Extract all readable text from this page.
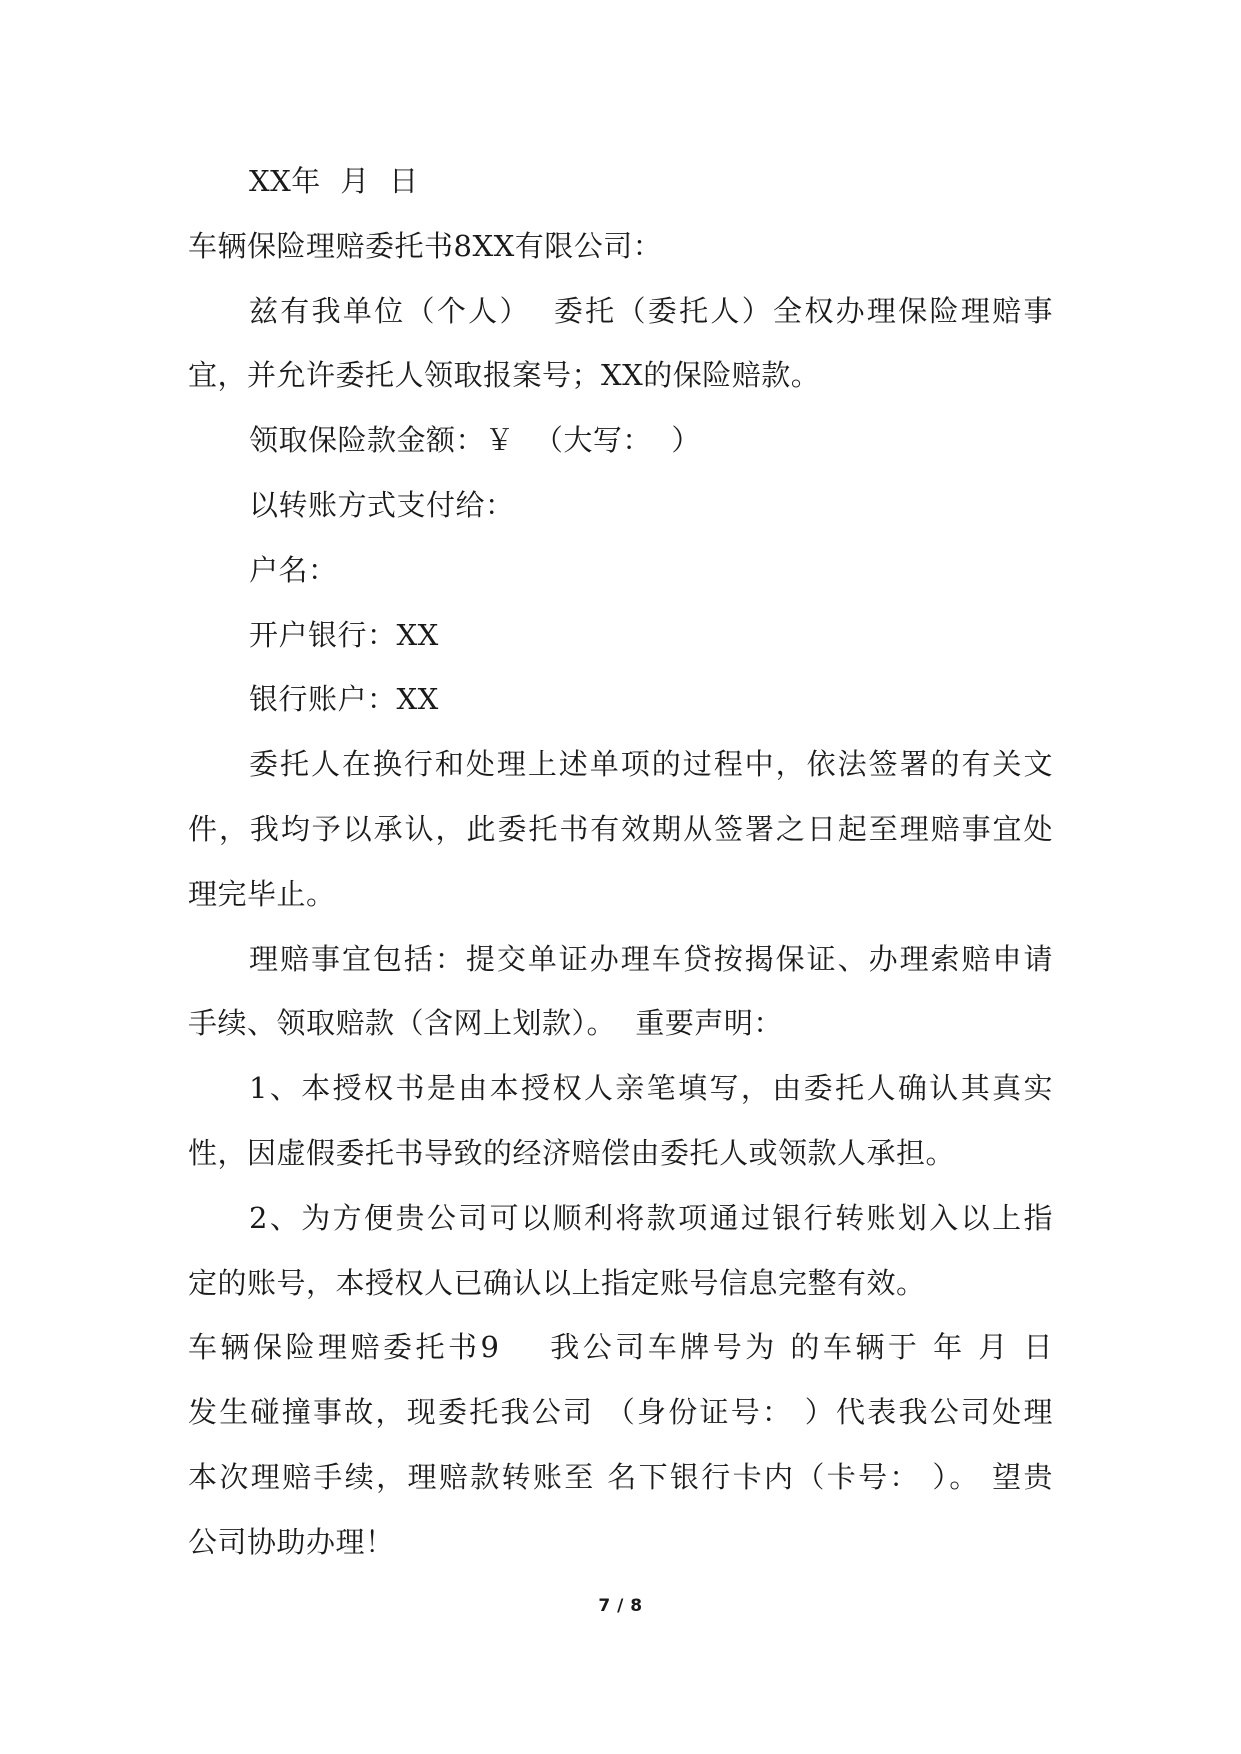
XX年  月  日
车辆保险理赔委托书8XX有限公司：
兹有我单位（个人）  委托（委托人）全权办理保险理赔事
宜，并允许委托人领取报案号；XX的保险赔款。
领取保险款金额：￥  （大写：  ）
以转账方式支付给：
户名：
开户银行：XX
银行账户：XX
委托人在换行和处理上述单项的过程中，依法签署的有关文
件，我均予以承认，此委托书有效期从签署之日起至理赔事宜处
理完毕止。
理赔事宜包括：提交单证办理车贷按揭保证、办理索赔申请
手续、领取赔款（含网上划款）。  重要声明：
1、本授权书是由本授权人亲笔填写，由委托人确认其真实
性，因虚假委托书导致的经济赔偿由委托人或领款人承担。
2、为方便贵公司可以顺利将款项通过银行转账划入以上指
定的账号，本授权人已确认以上指定账号信息完整有效。
车辆保险理赔委托书9    我公司车牌号为 的车辆于 年 月 日
发生碰撞事故，现委托我公司 （身份证号： ）代表我公司处理
本次理赔手续，理赔款转账至 名下银行卡内（卡号： ）。 望贵
公司协助办理！
7 / 8
